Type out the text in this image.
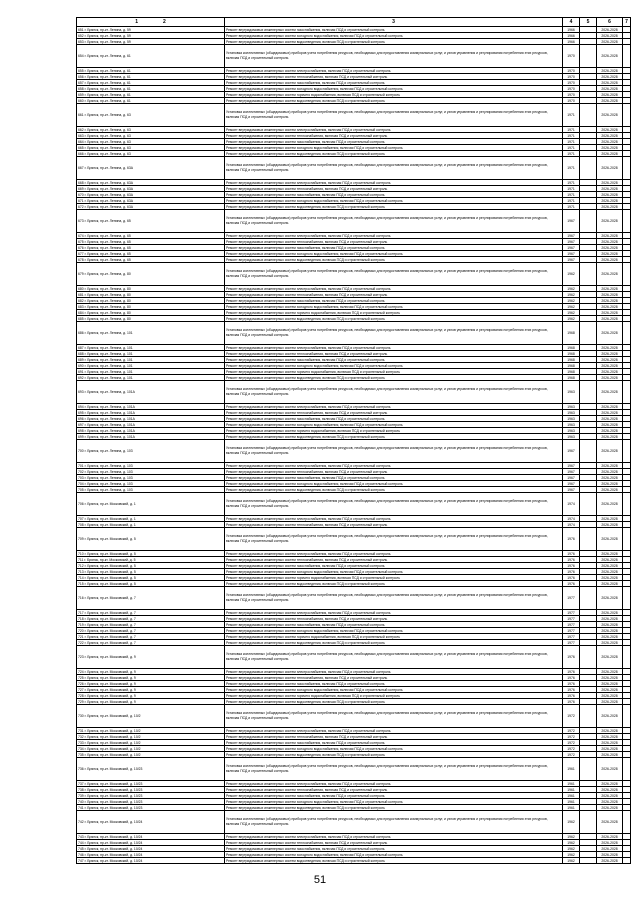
1 2	3	4	5	6	7
651 г. Брянск, пр-кт. Ленина, д. 59	Ремонт внутридомовых инженерных систем газоснабжения, включая ПСД и строительный контроль	1966		2026-2028	
652 г. Брянск, пр-кт. Ленина, д. 59	Ремонт внутридомовых инженерных систем холодного водоснабжения, включая ПСД и строительный контроль	1966		2026-2028	
653 г. Брянск, пр-кт. Ленина, д. 59	Ремонт внутридомовых инженерных систем водоотведения, включая ПСД и строительный контроль	1966		2026-2028	
654 г. Брянск, пр-кт. Ленина, д. 61	Установка коллективных (общедомовых) приборов учета потребления ресурсов, необходимых для предоставления коммунальных услуг, и узлов управления и регулирования потребления этих ресурсов, включая ПСД и строительный контроль	1970		2026-2028	
655 г. Брянск, пр-кт. Ленина, д. 61	Ремонт внутридомовых инженерных систем электроснабжения, включая ПСД и строительный контроль	1970		2026-2028	
656 г. Брянск, пр-кт. Ленина, д. 61	Ремонт внутридомовых инженерных систем теплоснабжения, включая ПСД и строительный контроль	1970		2026-2028	
657 г. Брянск, пр-кт. Ленина, д. 61	Ремонт внутридомовых инженерных систем газоснабжения, включая ПСД и строительный контроль	1970		2026-2028	
658 г. Брянск, пр-кт. Ленина, д. 61	Ремонт внутридомовых инженерных систем холодного водоснабжения, включая ПСД и строительный контроль	1970		2026-2028	
659 г. Брянск, пр-кт. Ленина, д. 61	Ремонт внутридомовых инженерных систем горячего водоснабжения, включая ПСД и строительный контроль	1970		2026-2028	
660 г. Брянск, пр-кт. Ленина, д. 61	Ремонт внутридомовых инженерных систем водоотведения, включая ПСД и строительный контроль	1970		2026-2028	
661 г. Брянск, пр-кт. Ленина, д. 63	Установка коллективных (общедомовых) приборов учета потребления ресурсов, необходимых для предоставления коммунальных услуг, и узлов управления и регулирования потребления этих ресурсов, включая ПСД и строительный контроль	1971		2026-2028	
662 г. Брянск, пр-кт. Ленина, д. 63	Ремонт внутридомовых инженерных систем электроснабжения, включая ПСД и строительный контроль	1971		2026-2028	
663 г. Брянск, пр-кт. Ленина, д. 63	Ремонт внутридомовых инженерных систем теплоснабжения, включая ПСД и строительный контроль	1971		2026-2028	
664 г. Брянск, пр-кт. Ленина, д. 63	Ремонт внутридомовых инженерных систем газоснабжения, включая ПСД и строительный контроль	1971		2026-2028	
665 г. Брянск, пр-кт. Ленина, д. 63	Ремонт внутридомовых инженерных систем холодного водоснабжения, включая ПСД и строительный контроль	1971		2026-2028	
666 г. Брянск, пр-кт. Ленина, д. 63	Ремонт внутридомовых инженерных систем водоотведения, включая ПСД и строительный контроль	1971		2026-2028	
667 г. Брянск, пр-кт. Ленина, д. 63А	Установка коллективных (общедомовых) приборов учета потребления ресурсов, необходимых для предоставления коммунальных услуг, и узлов управления и регулирования потребления этих ресурсов, включая ПСД и строительный контроль	1971		2026-2028	
668 г. Брянск, пр-кт. Ленина, д. 63А	Ремонт внутридомовых инженерных систем электроснабжения, включая ПСД и строительный контроль	1971		2026-2028	
669 г. Брянск, пр-кт. Ленина, д. 63А	Ремонт внутридомовых инженерных систем теплоснабжения, включая ПСД и строительный контроль	1971		2026-2028	
670 г. Брянск, пр-кт. Ленина, д. 63А	Ремонт внутридомовых инженерных систем газоснабжения, включая ПСД и строительный контроль	1971		2026-2028	
671 г. Брянск, пр-кт. Ленина, д. 63А	Ремонт внутридомовых инженерных систем холодного водоснабжения, включая ПСД и строительный контроль	1971		2026-2028	
672 г. Брянск, пр-кт. Ленина, д. 63А	Ремонт внутридомовых инженерных систем водоотведения, включая ПСД и строительный контроль	1971		2026-2028	
673 г. Брянск, пр-кт. Ленина, д. 65	Установка коллективных (общедомовых) приборов учета потребления ресурсов, необходимых для предоставления коммунальных услуг, и узлов управления и регулирования потребления этих ресурсов, включая ПСД и строительный контроль	1967		2026-2028	
674 г. Брянск, пр-кт. Ленина, д. 65	Ремонт внутридомовых инженерных систем электроснабжения, включая ПСД и строительный контроль	1967		2026-2028	
675 г. Брянск, пр-кт. Ленина, д. 65	Ремонт внутридомовых инженерных систем теплоснабжения, включая ПСД и строительный контроль	1967		2026-2028	
676 г. Брянск, пр-кт. Ленина, д. 65	Ремонт внутридомовых инженерных систем газоснабжения, включая ПСД и строительный контроль	1967		2026-2028	
677 г. Брянск, пр-кт. Ленина, д. 65	Ремонт внутридомовых инженерных систем холодного водоснабжения, включая ПСД и строительный контроль	1967		2026-2028	
678 г. Брянск, пр-кт. Ленина, д. 65	Ремонт внутридомовых инженерных систем водоотведения, включая ПСД и строительный контроль	1967		2026-2028	
679 г. Брянск, пр-кт. Ленина, д. 80	Установка коллективных (общедомовых) приборов учета потребления ресурсов, необходимых для предоставления коммунальных услуг, и узлов управления и регулирования потребления этих ресурсов, включая ПСД и строительный контроль	1962		2026-2028	
680 г. Брянск, пр-кт. Ленина, д. 80	Ремонт внутридомовых инженерных систем электроснабжения, включая ПСД и строительный контроль	1962		2026-2028	
681 г. Брянск, пр-кт. Ленина, д. 80	Ремонт внутридомовых инженерных систем теплоснабжения, включая ПСД и строительный контроль	1962		2026-2028	
682 г. Брянск, пр-кт. Ленина, д. 80	Ремонт внутридомовых инженерных систем газоснабжения, включая ПСД и строительный контроль	1962		2026-2028	
683 г. Брянск, пр-кт. Ленина, д. 80	Ремонт внутридомовых инженерных систем холодного водоснабжения, включая ПСД и строительный контроль	1962		2026-2028	
684 г. Брянск, пр-кт. Ленина, д. 80	Ремонт внутридомовых инженерных систем горячего водоснабжения, включая ПСД и строительный контроль	1962		2026-2028	
685 г. Брянск, пр-кт. Ленина, д. 80	Ремонт внутридомовых инженерных систем водоотведения, включая ПСД и строительный контроль	1962		2026-2028	
686 г. Брянск, пр-кт. Ленина, д. 101	Установка коллективных (общедомовых) приборов учета потребления ресурсов, необходимых для предоставления коммунальных услуг, и узлов управления и регулирования потребления этих ресурсов, включая ПСД и строительный контроль	1968		2026-2028	
687 г. Брянск, пр-кт. Ленина, д. 101	Ремонт внутридомовых инженерных систем электроснабжения, включая ПСД и строительный контроль	1968		2026-2028	
688 г. Брянск, пр-кт. Ленина, д. 101	Ремонт внутридомовых инженерных систем теплоснабжения, включая ПСД и строительный контроль	1968		2026-2028	
689 г. Брянск, пр-кт. Ленина, д. 101	Ремонт внутридомовых инженерных систем газоснабжения, включая ПСД и строительный контроль	1968		2026-2028	
690 г. Брянск, пр-кт. Ленина, д. 101	Ремонт внутридомовых инженерных систем холодного водоснабжения, включая ПСД и строительный контроль	1968		2026-2028	
691 г. Брянск, пр-кт. Ленина, д. 101	Ремонт внутридомовых инженерных систем горячего водоснабжения, включая ПСД и строительный контроль	1968		2026-2028	
692 г. Брянск, пр-кт. Ленина, д. 101	Ремонт внутридомовых инженерных систем водоотведения, включая ПСД и строительный контроль	1968		2026-2028	
693 г. Брянск, пр-кт. Ленина, д. 101А	Установка коллективных (общедомовых) приборов учета потребления ресурсов, необходимых для предоставления коммунальных услуг, и узлов управления и регулирования потребления этих ресурсов, включая ПСД и строительный контроль	1963		2026-2028	
694 г. Брянск, пр-кт. Ленина, д. 101А	Ремонт внутридомовых инженерных систем электроснабжения, включая ПСД и строительный контроль	1963		2026-2028	
695 г. Брянск, пр-кт. Ленина, д. 101А	Ремонт внутридомовых инженерных систем теплоснабжения, включая ПСД и строительный контроль	1963		2026-2028	
696 г. Брянск, пр-кт. Ленина, д. 101А	Ремонт внутридомовых инженерных систем газоснабжения, включая ПСД и строительный контроль	1963		2026-2028	
697 г. Брянск, пр-кт. Ленина, д. 101А	Ремонт внутридомовых инженерных систем холодного водоснабжения, включая ПСД и строительный контроль	1963		2026-2028	
698 г. Брянск, пр-кт. Ленина, д. 101А	Ремонт внутридомовых инженерных систем горячего водоснабжения, включая ПСД и строительный контроль	1963		2026-2028	
699 г. Брянск, пр-кт. Ленина, д. 101А	Ремонт внутридомовых инженерных систем водоотведения, включая ПСД и строительный контроль	1963		2026-2028	
700 г. Брянск, пр-кт. Ленина, д. 103	Установка коллективных (общедомовых) приборов учета потребления ресурсов, необходимых для предоставления коммунальных услуг, и узлов управления и регулирования потребления этих ресурсов, включая ПСД и строительный контроль	1967		2026-2028	
701 г. Брянск, пр-кт. Ленина, д. 103	Ремонт внутридомовых инженерных систем электроснабжения, включая ПСД и строительный контроль	1967		2026-2028	
702 г. Брянск, пр-кт. Ленина, д. 103	Ремонт внутридомовых инженерных систем теплоснабжения, включая ПСД и строительный контроль	1967		2026-2028	
703 г. Брянск, пр-кт. Ленина, д. 103	Ремонт внутридомовых инженерных систем газоснабжения, включая ПСД и строительный контроль	1967		2026-2028	
704 г. Брянск, пр-кт. Ленина, д. 103	Ремонт внутридомовых инженерных систем холодного водоснабжения, включая ПСД и строительный контроль	1967		2026-2028	
705 г. Брянск, пр-кт. Ленина, д. 103	Ремонт внутридомовых инженерных систем водоотведения, включая ПСД и строительный контроль	1967		2026-2028	
706 г. Брянск, пр-кт. Московский, д. 1	Установка коллективных (общедомовых) приборов учета потребления ресурсов, необходимых для предоставления коммунальных услуг, и узлов управления и регулирования потребления этих ресурсов, включая ПСД и строительный контроль	1974		2026-2028	
707 г. Брянск, пр-кт. Московский, д. 1	Ремонт внутридомовых инженерных систем электроснабжения, включая ПСД и строительный контроль	1974		2026-2028	
708 г. Брянск, пр-кт. Московский, д. 1	Ремонт внутридомовых инженерных систем теплоснабжения, включая ПСД и строительный контроль	1974		2026-2028	
709 г. Брянск, пр-кт. Московский, д. 5	Установка коллективных (общедомовых) приборов учета потребления ресурсов, необходимых для предоставления коммунальных услуг, и узлов управления и регулирования потребления этих ресурсов, включая ПСД и строительный контроль	1976		2026-2028	
710 г. Брянск, пр-кт. Московский, д. 5	Ремонт внутридомовых инженерных систем электроснабжения, включая ПСД и строительный контроль	1976		2026-2028	
711 г. Брянск, пр-кт. Московский, д. 5	Ремонт внутридомовых инженерных систем теплоснабжения, включая ПСД и строительный контроль	1976		2026-2028	
712 г. Брянск, пр-кт. Московский, д. 5	Ремонт внутридомовых инженерных систем газоснабжения, включая ПСД и строительный контроль	1976		2026-2028	
713 г. Брянск, пр-кт. Московский, д. 5	Ремонт внутридомовых инженерных систем холодного водоснабжения, включая ПСД и строительный контроль	1976		2026-2028	
714 г. Брянск, пр-кт. Московский, д. 5	Ремонт внутридомовых инженерных систем горячего водоснабжения, включая ПСД и строительный контроль	1976		2026-2028	
715 г. Брянск, пр-кт. Московский, д. 5	Ремонт внутридомовых инженерных систем водоотведения, включая ПСД и строительный контроль	1976		2026-2028	
716 г. Брянск, пр-кт. Московский, д. 7	Установка коллективных (общедомовых) приборов учета потребления ресурсов, необходимых для предоставления коммунальных услуг, и узлов управления и регулирования потребления этих ресурсов, включая ПСД и строительный контроль	1977		2026-2028	
717 г. Брянск, пр-кт. Московский, д. 7	Ремонт внутридомовых инженерных систем электроснабжения, включая ПСД и строительный контроль	1977		2026-2028	
718 г. Брянск, пр-кт. Московский, д. 7	Ремонт внутридомовых инженерных систем теплоснабжения, включая ПСД и строительный контроль	1977		2026-2028	
719 г. Брянск, пр-кт. Московский, д. 7	Ремонт внутридомовых инженерных систем газоснабжения, включая ПСД и строительный контроль	1977		2026-2028	
720 г. Брянск, пр-кт. Московский, д. 7	Ремонт внутридомовых инженерных систем холодного водоснабжения, включая ПСД и строительный контроль	1977		2026-2028	
721 г. Брянск, пр-кт. Московский, д. 7	Ремонт внутридомовых инженерных систем горячего водоснабжения, включая ПСД и строительный контроль	1977		2026-2028	
722 г. Брянск, пр-кт. Московский, д. 7	Ремонт внутридомовых инженерных систем водоотведения, включая ПСД и строительный контроль	1977		2026-2028	
723 г. Брянск, пр-кт. Московский, д. 9	Установка коллективных (общедомовых) приборов учета потребления ресурсов, необходимых для предоставления коммунальных услуг, и узлов управления и регулирования потребления этих ресурсов, включая ПСД и строительный контроль	1976		2026-2028	
724 г. Брянск, пр-кт. Московский, д. 9	Ремонт внутридомовых инженерных систем электроснабжения, включая ПСД и строительный контроль	1976		2026-2028	
725 г. Брянск, пр-кт. Московский, д. 9	Ремонт внутридомовых инженерных систем теплоснабжения, включая ПСД и строительный контроль	1976		2026-2028	
726 г. Брянск, пр-кт. Московский, д. 9	Ремонт внутридомовых инженерных систем газоснабжения, включая ПСД и строительный контроль	1976		2026-2028	
727 г. Брянск, пр-кт. Московский, д. 9	Ремонт внутридомовых инженерных систем холодного водоснабжения, включая ПСД и строительный контроль	1976		2026-2028	
728 г. Брянск, пр-кт. Московский, д. 9	Ремонт внутридомовых инженерных систем горячего водоснабжения, включая ПСД и строительный контроль	1976		2026-2028	
729 г. Брянск, пр-кт. Московский, д. 9	Ремонт внутридомовых инженерных систем водоотведения, включая ПСД и строительный контроль	1976		2026-2028	
730 г. Брянск, пр-кт. Московский, д. 10/2	Установка коллективных (общедомовых) приборов учета потребления ресурсов, необходимых для предоставления коммунальных услуг, и узлов управления и регулирования потребления этих ресурсов, включая ПСД и строительный контроль	1972		2026-2028	
731 г. Брянск, пр-кт. Московский, д. 10/2	Ремонт внутридомовых инженерных систем электроснабжения, включая ПСД и строительный контроль	1972		2026-2028	
732 г. Брянск, пр-кт. Московский, д. 10/2	Ремонт внутридомовых инженерных систем теплоснабжения, включая ПСД и строительный контроль	1972		2026-2028	
733 г. Брянск, пр-кт. Московский, д. 10/2	Ремонт внутридомовых инженерных систем газоснабжения, включая ПСД и строительный контроль	1972		2026-2028	
734 г. Брянск, пр-кт. Московский, д. 10/2	Ремонт внутридомовых инженерных систем холодного водоснабжения, включая ПСД и строительный контроль	1972		2026-2028	
735 г. Брянск, пр-кт. Московский, д. 10/2	Ремонт внутридомовых инженерных систем водоотведения, включая ПСД и строительный контроль	1972		2026-2028	
736 г. Брянск, пр-кт. Московский, д. 10/23	Установка коллективных (общедомовых) приборов учета потребления ресурсов, необходимых для предоставления коммунальных услуг, и узлов управления и регулирования потребления этих ресурсов, включая ПСД и строительный контроль	1961		2026-2028	
737 г. Брянск, пр-кт. Московский, д. 10/23	Ремонт внутридомовых инженерных систем электроснабжения, включая ПСД и строительный контроль	1961		2026-2028	
738 г. Брянск, пр-кт. Московский, д. 10/23	Ремонт внутридомовых инженерных систем теплоснабжения, включая ПСД и строительный контроль	1961		2026-2028	
739 г. Брянск, пр-кт. Московский, д. 10/23	Ремонт внутридомовых инженерных систем газоснабжения, включая ПСД и строительный контроль	1961		2026-2028	
740 г. Брянск, пр-кт. Московский, д. 10/23	Ремонт внутридомовых инженерных систем холодного водоснабжения, включая ПСД и строительный контроль	1961		2026-2028	
741 г. Брянск, пр-кт. Московский, д. 10/23	Ремонт внутридомовых инженерных систем водоотведения, включая ПСД и строительный контроль	1961		2026-2028	
742 г. Брянск, пр-кт. Московский, д. 10/24	Установка коллективных (общедомовых) приборов учета потребления ресурсов, необходимых для предоставления коммунальных услуг, и узлов управления и регулирования потребления этих ресурсов, включая ПСД и строительный контроль	1962		2026-2028	
743 г. Брянск, пр-кт. Московский, д. 10/24	Ремонт внутридомовых инженерных систем электроснабжения, включая ПСД и строительный контроль	1962		2026-2028	
744 г. Брянск, пр-кт. Московский, д. 10/24	Ремонт внутридомовых инженерных систем теплоснабжения, включая ПСД и строительный контроль	1962		2026-2028	
745 г. Брянск, пр-кт. Московский, д. 10/24	Ремонт внутридомовых инженерных систем газоснабжения, включая ПСД и строительный контроль	1962		2026-2028	
746 г. Брянск, пр-кт. Московский, д. 10/24	Ремонт внутридомовых инженерных систем холодного водоснабжения, включая ПСД и строительный контроль	1962		2026-2028	
747 г. Брянск, пр-кт. Московский, д. 10/24	Ремонт внутридомовых инженерных систем водоотведения, включая ПСД и строительный контроль	1962		2026-2028	
51
